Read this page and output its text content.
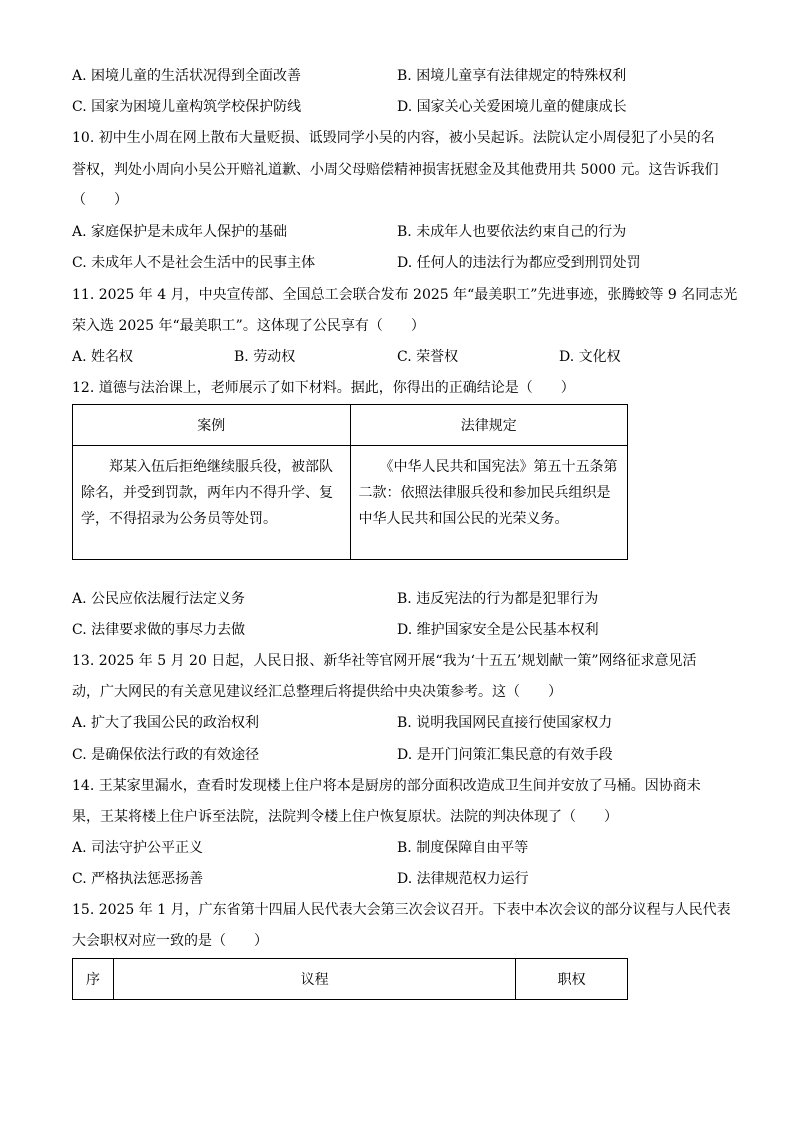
A. 困境儿童的生活状况得到全面改善	B. 困境儿童享有法律规定的特殊权利
C. 国家为困境儿童构筑学校保护防线	D. 国家关心关爱困境儿童的健康成长
10. 初中生小周在网上散布大量贬损、诋毁同学小吴的内容，被小吴起诉。法院认定小周侵犯了小吴的名
誉权，判处小周向小吴公开赔礼道歉、小周父母赔偿精神损害抚慰金及其他费用共 5000 元。这告诉我们
（　　）
A. 家庭保护是未成年人保护的基础	B. 未成年人也要依法约束自己的行为
C. 未成年人不是社会生活中的民事主体	D. 任何人的违法行为都应受到刑罚处罚
11. 2025 年 4 月，中央宣传部、全国总工会联合发布 2025 年“最美职工”先进事迹，张腾蛟等 9 名同志光
荣入选 2025 年“最美职工”。这体现了公民享有（　　）
A. 姓名权	B. 劳动权	C. 荣誉权	D. 文化权
12. 道德与法治课上，老师展示了如下材料。据此，你得出的正确结论是（　　）
案例	法律规定
　　郑某入伍后拒绝继续服兵役，被部队除名，并受到罚款，两年内不得升学、复学，不得招录为公务员等处罚。	　　《中华人民共和国宪法》第五十五条第二款：依照法律服兵役和参加民兵组织是中华人民共和国公民的光荣义务。
A. 公民应依法履行法定义务	B. 违反宪法的行为都是犯罪行为
C. 法律要求做的事尽力去做	D. 维护国家安全是公民基本权利
13. 2025 年 5 月 20 日起，人民日报、新华社等官网开展“我为‘十五五’规划献一策”网络征求意见活
动，广大网民的有关意见建议经汇总整理后将提供给中央决策参考。这（　　）
A. 扩大了我国公民的政治权利	B. 说明我国网民直接行使国家权力
C. 是确保依法行政的有效途径	D. 是开门问策汇集民意的有效手段
14. 王某家里漏水，查看时发现楼上住户将本是厨房的部分面积改造成卫生间并安放了马桶。因协商未
果，王某将楼上住户诉至法院，法院判令楼上住户恢复原状。法院的判决体现了（　　）
A. 司法守护公平正义	B. 制度保障自由平等
C. 严格执法惩恶扬善	D. 法律规范权力运行
15. 2025 年 1 月，广东省第十四届人民代表大会第三次会议召开。下表中本次会议的部分议程与人民代表
大会职权对应一致的是（　　）
序	议程	职权
